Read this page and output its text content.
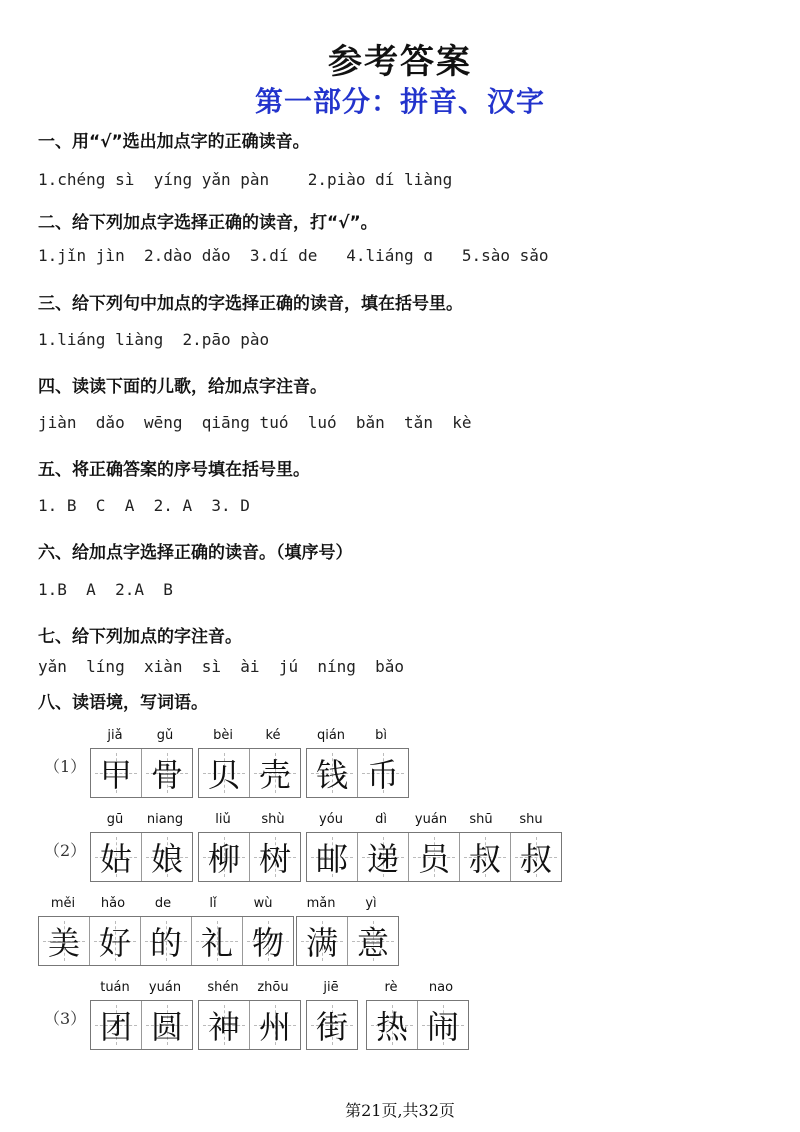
参考答案
第一部分：拼音、汉字
一、用“√”选出加点字的正确读音。
1.chéng sì  yíng yǎn pàn    2.piào dí liàng
二、给下列加点字选择正确的读音，打“√”。
1.jǐn jìn  2.dào dǎo  3.dí de   4.liáng ɑ   5.sào sǎo
三、给下列句中加点的字选择正确的读音，填在括号里。
1.liáng liàng  2.pāo pào
四、读读下面的儿歌，给加点字注音。
jiàn  dǎo  wēng  qiāng tuó  luó  bǎn  tǎn  kè
五、将正确答案的序号填在括号里。
1. B  C  A  2. A  3. D
六、给加点字选择正确的读音。（填序号）
1.B  A  2.A  B
七、给下列加点的字注音。
yǎn  líng  xiàn  sì  ài  jú  níng  bǎo
八、读语境，写词语。
（1）
jiǎ	gǔ
甲 骨
bèi	ké
贝 壳
qián	bì
钱 币
（2）
gū	niang
姑 娘
liǔ	shù
柳 树
yóu	dì	yuán	shū	shu
邮 递 员 叔 叔
měi	hǎo	de	lǐ	wù
美 好 的 礼 物
mǎn	yì
满 意
（3）
tuán	yuán
团 圆
shén	zhōu
神 州
jiē
街
rè	nao
热 闹
第21页,共32页
